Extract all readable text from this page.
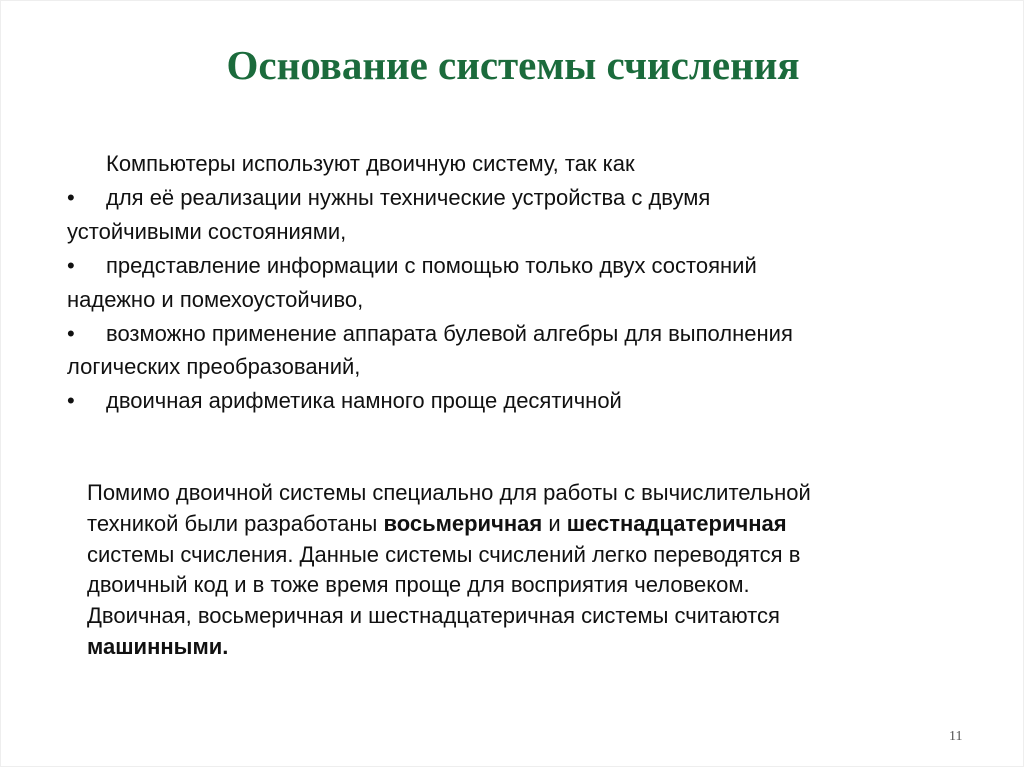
Основание системы счисления
Компьютеры используют двоичную систему, так как
• для её реализации нужны технические устройства с двумя
устойчивыми состояниями,
• представление информации с помощью только двух состояний
надежно и помехоустойчиво,
• возможно применение аппарата булевой алгебры для выполнения
логических преобразований,
• двоичная арифметика намного проще десятичной
Помимо двоичной системы специально для работы с вычислительной
техникой были разработаны восьмеричная и шестнадцатеричная
системы счисления. Данные системы счислений легко переводятся в
двоичный код и в тоже время проще для восприятия человеком.
Двоичная, восьмеричная и шестнадцатеричная системы считаются
машинными.
11
